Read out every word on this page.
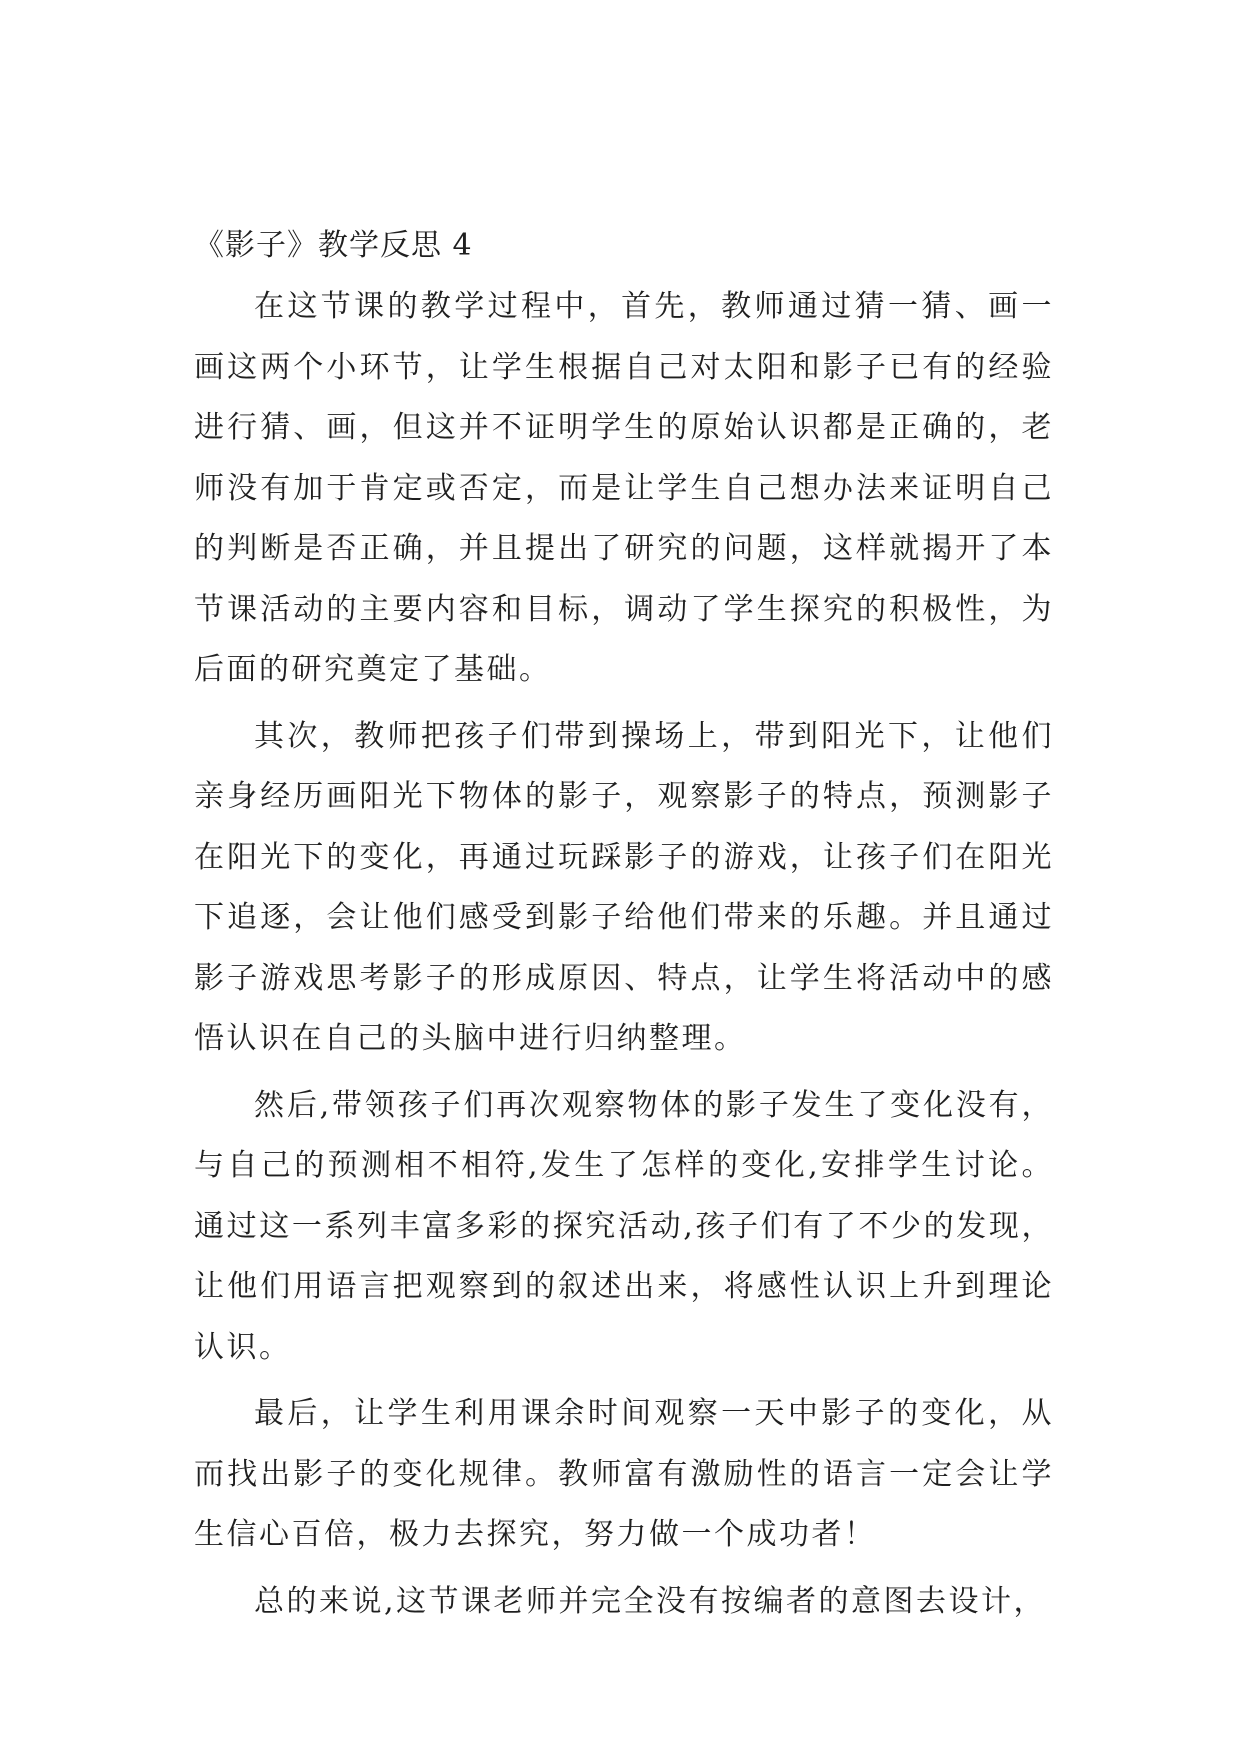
《影子》教学反思 4

在这节课的教学过程中，首先，教师通过猜一猜、画一画这两个小环节，让学生根据自己对太阳和影子已有的经验进行猜、画，但这并不证明学生的原始认识都是正确的，老师没有加于肯定或否定，而是让学生自己想办法来证明自己的判断是否正确，并且提出了研究的问题，这样就揭开了本节课活动的主要内容和目标，调动了学生探究的积极性，为后面的研究奠定了基础。

其次，教师把孩子们带到操场上，带到阳光下，让他们亲身经历画阳光下物体的影子，观察影子的特点，预测影子在阳光下的变化，再通过玩踩影子的游戏，让孩子们在阳光下追逐，会让他们感受到影子给他们带来的乐趣。并且通过影子游戏思考影子的形成原因、特点，让学生将活动中的感悟认识在自己的头脑中进行归纳整理。

然后,带领孩子们再次观察物体的影子发生了变化没有，与自己的预测相不相符,发生了怎样的变化,安排学生讨论。通过这一系列丰富多彩的探究活动,孩子们有了不少的发现，让他们用语言把观察到的叙述出来，将感性认识上升到理论认识。

最后，让学生利用课余时间观察一天中影子的变化，从而找出影子的变化规律。教师富有激励性的语言一定会让学生信心百倍，极力去探究，努力做一个成功者！

总的来说,这节课老师并完全没有按编者的意图去设计，
